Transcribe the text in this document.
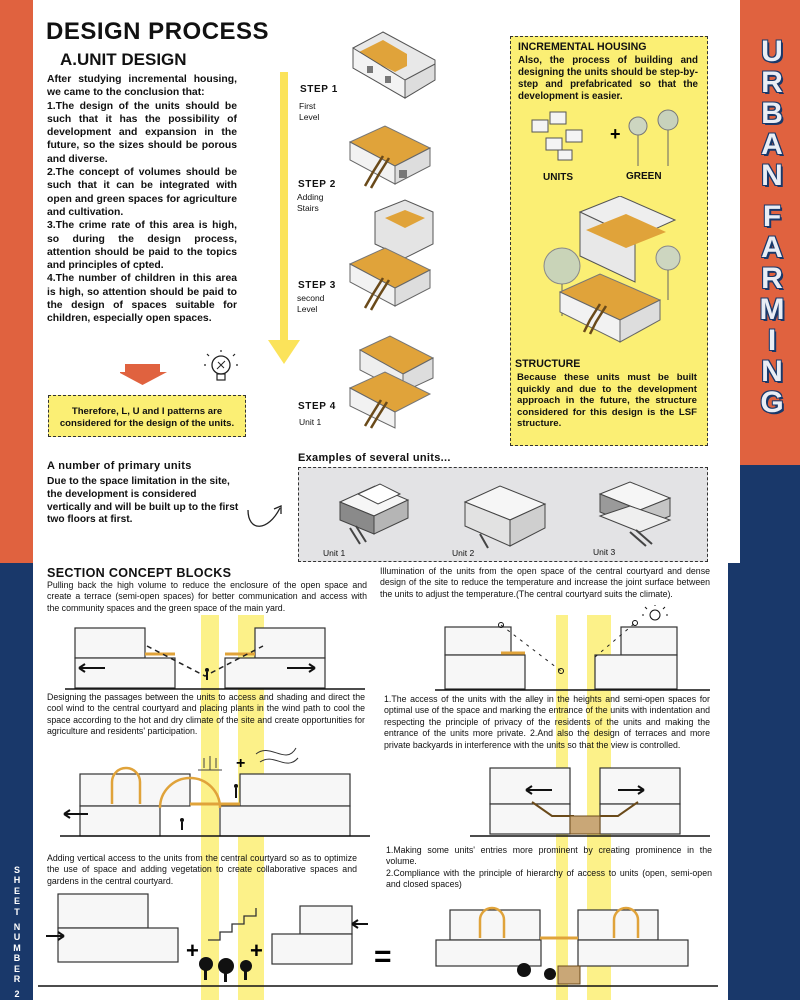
U
R
B
A
N
F
A
R
M
I
N
G
S
H
E
E
T
N
U
M
B
E
R
2
DESIGN PROCESS
A.UNIT DESIGN
After studying incremental housing, we came to the conclusion that:
1.The design of the units should be such that it has the possibility of development and expansion in the future, so the sizes should be porous and diverse.
2.The concept of volumes should be such that it can be integrated with open and green spaces for agriculture and cultivation.
3.The crime rate of this area is high, so during the design process, attention should be paid to the topics and principles of cpted.
4.The number of children in this area is high, so attention should be paid to the design of spaces suitable for children, especially open spaces.
Therefore, L, U and I patterns are considered for the design of the units.
STEP 1
First Level
STEP 2
Adding Stairs
STEP 3
second Level
STEP 4
Unit 1
INCREMENTAL HOUSING
Also, the process of building and designing the units should be step-by-step and prefabricated so that the development is easier.
+
UNITS	GREEN
STRUCTURE
Because these units must be built quickly and due to the development approach in the future, the structure considered for this design is the LSF structure.
A number of primary units
Due to the space limitation in the site, the development is considered vertically and will be built up to the first two floors at first.
Examples of several units...
Unit 1	Unit 2	Unit 3
SECTION CONCEPT BLOCKS
Pulling back the high volume to reduce the enclosure of the open space and create a terrace (semi-open spaces) for better communication and access with the community spaces and the green space of the main yard.
Illumination of the units from the open space of the central courtyard and dense design of the site to reduce the temperature and increase the joint surface between the units to adjust the temperature.(The central courtyard suits the climate).
Designing the passages between the units to access and shading and direct the cool wind to the central courtyard and placing plants in the wind path to cool the space according to the hot and dry climate of the site and create opportunities for agriculture and residents' participation.
1.The access of the units with the alley in the heights and semi-open spaces for optimal use of the space and marking the entrance of the units with indentation and respecting the principle of privacy of the residents of the units and making the entrance of the units more private. 2.And also the design of terraces and more private backyards in interference with the units so that the view is controlled.
+
Adding vertical access to the units from the central courtyard so as to optimize the use of space and adding vegetation to create collaborative spaces and gardens in the central courtyard.
1.Making some units' entries more prominent by creating prominence in the volume.
2.Compliance with the principle of hierarchy of access to units (open, semi-open and closed spaces)
+ +	=
